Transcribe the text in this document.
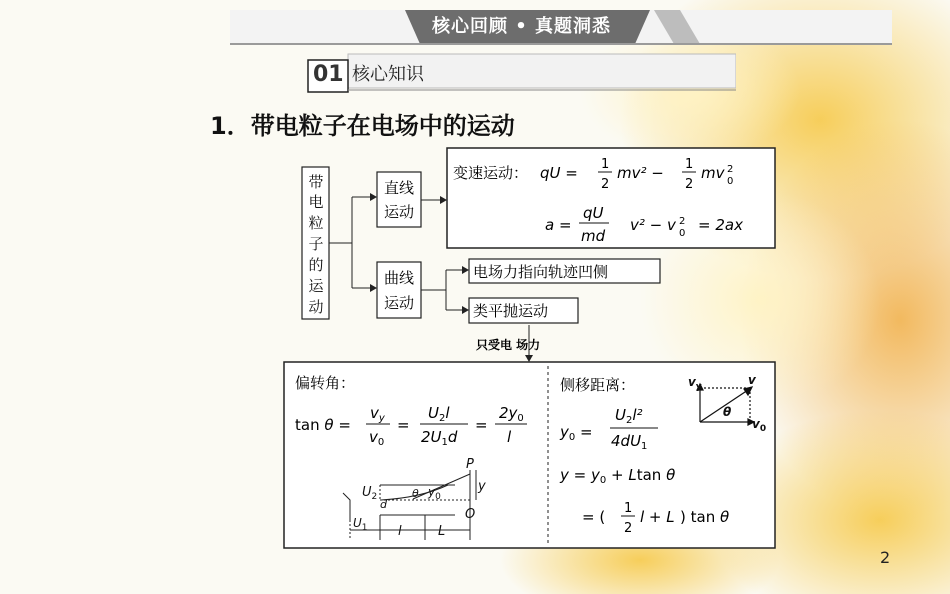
核心回顾 • 真题洞悉
01 核心知识
1．带电粒子在电场中的运动
带
电
粒
子
的
运
动
直线
运动
曲线
运动
变速运动： qU = 1
2
mv² − 1
2
mv 2
0
a =
qU
md
v² − v 2
0 = 2ax
电场力指向轨迹凹侧
类平抛运动
只受电 场力
偏转角：
tan θ =
$v_y$
$v_0$
=
$U_2l$
$2U_1d$
=
$2y_0$
l
P
y
O
$U_2$
d
θ $y_0$
$U_1$ l	L
侧移距离：
$y_0$ =
$U_2l^2$
$4dU_1$
$y = y_0 + Ltan$ θ
= ( 1
2
l + L ) tan θ
$v_y$	v
θ
$v_0$
2
